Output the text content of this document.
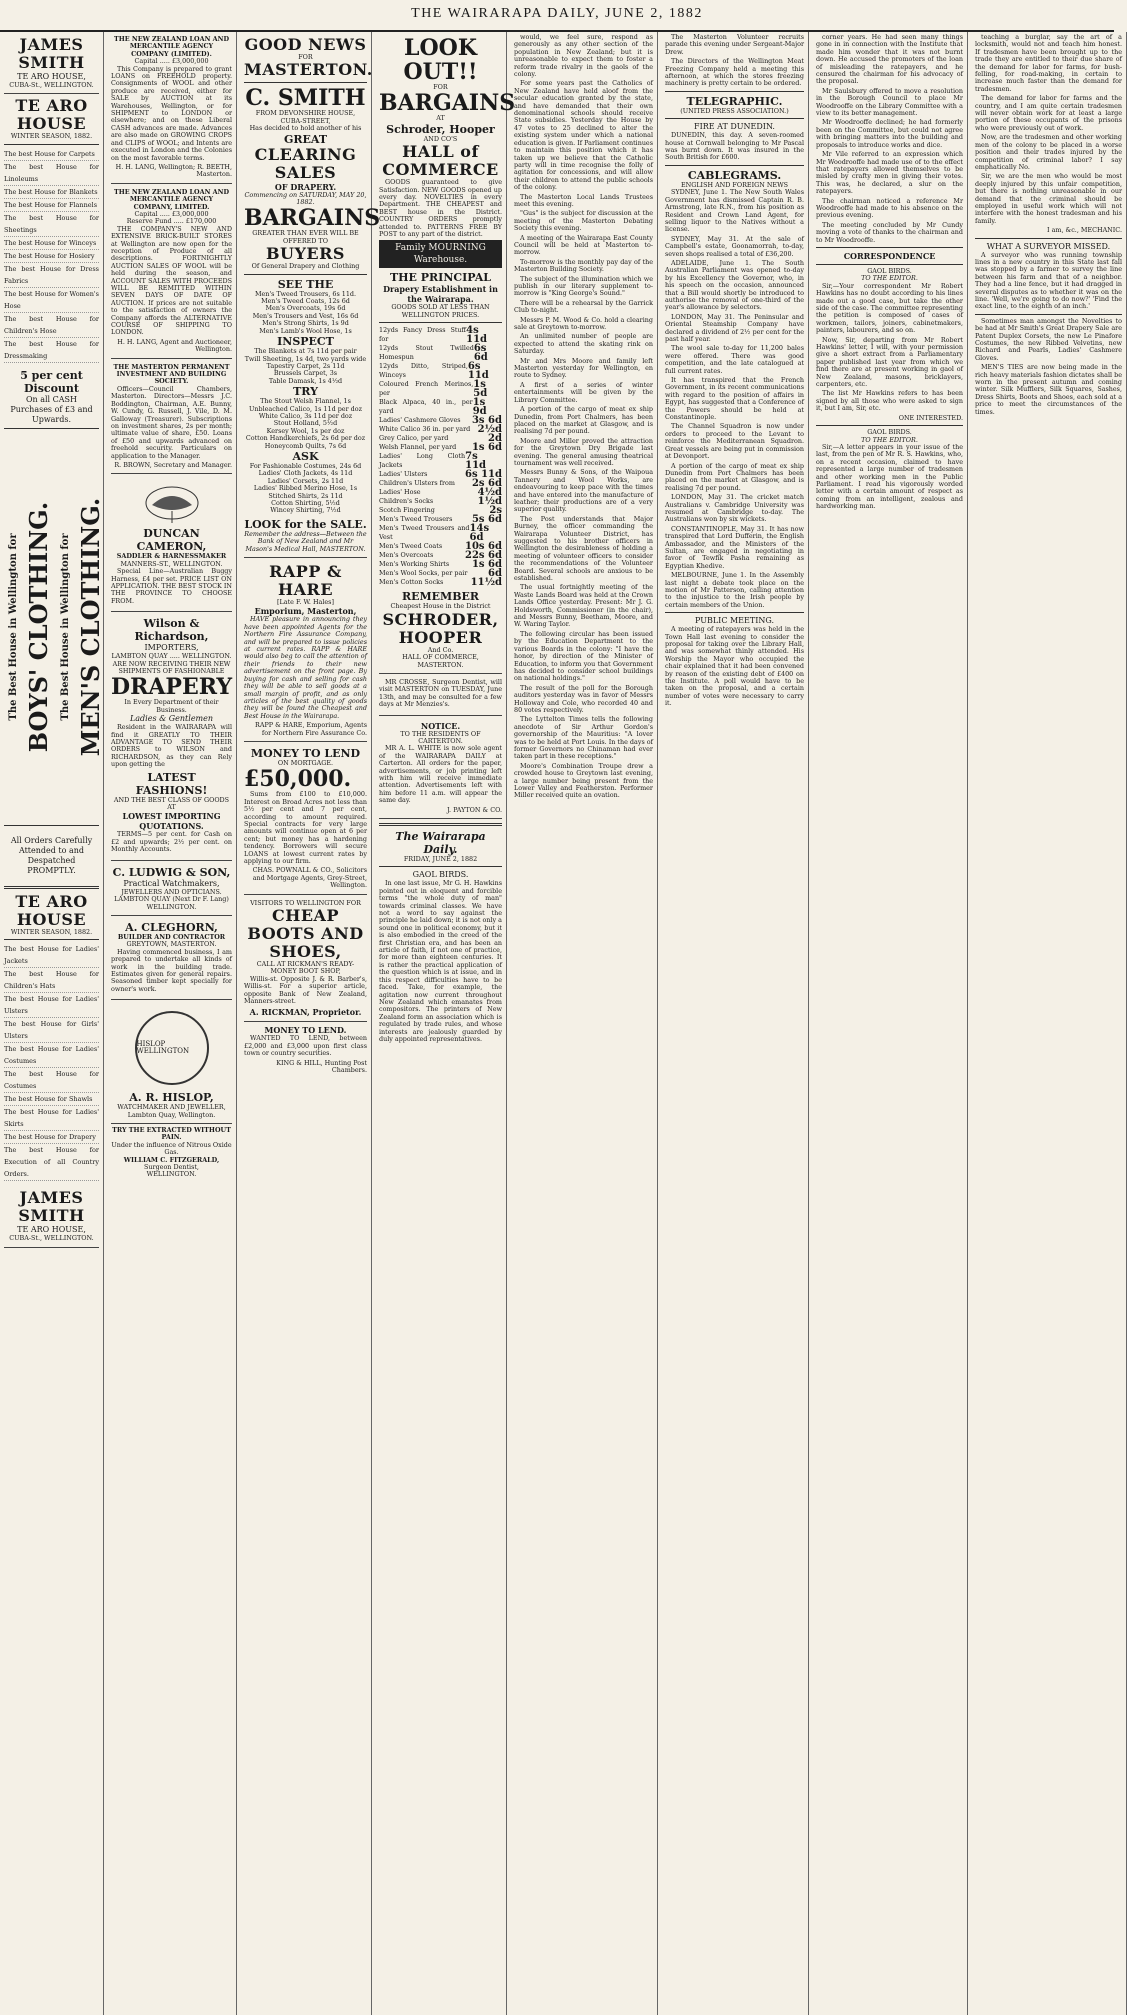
THE WAIRARAPA DAILY, JUNE 2, 1882
JAMES SMITH
TE ARO HOUSE,
CUBA-St., WELLINGTON.
TE ARO HOUSE
WINTER SEASON, 1882.
The best House for Carpets
The best House for Linoleums
The best House for Blankets
The best House for Flannels
The best House for Sheetings
The best House for Winceys
The best House for Hosiery
The best House for Dress Fabrics
The best House for Women's Hose
The best House for Children's Hose
The best House for Dressmaking
5 per cent Discount
On all CASH Purchases of £3 and Upwards.
The Best House in Wellington for BOYS' CLOTHING. The Best House in Wellington for MEN'S CLOTHING.
All Orders Carefully Attended to and Despatched PROMPTLY.
TE ARO HOUSE
WINTER SEASON, 1882.
The best House for Ladies' Jackets
The best House for Children's Hats
The best House for Ladies' Ulsters
The best House for Girls' Ulsters
The best House for Ladies' Costumes
The best House for Costumes
The best House for Shawls
The best House for Ladies' Skirts
The best House for Drapery
The best House for Execution of all Country Orders.
JAMES SMITH
TE ARO HOUSE,
CUBA-St., WELLINGTON.
THE NEW ZEALAND LOAN AND MERCANTILE AGENCY COMPANY (LIMITED).
Capital ..... £3,000,000

This Company is prepared to grant LOANS on FREEHOLD property. Consignments of WOOL and other produce are received, either for SALE by AUCTION at its Warehouses, Wellington, or for SHIPMENT to LONDON or elsewhere; and on these Liberal CASH advances are made. Advances are also made on GROWING CROPS and CLIPS of WOOL; and Intents are executed in London and the Colonies on the most favorable terms.

H. H. LANG, Wellington; R. BEETH, Masterton.
THE NEW ZEALAND LOAN AND MERCANTILE AGENCY COMPANY, LIMITED.
Capital ..... £3,000,000
Reserve Fund ..... £170,000

THE COMPANY'S NEW AND EXTENSIVE BRICK-BUILT STORES at Wellington are now open for the reception of Produce of all descriptions. FORTNIGHTLY AUCTION SALES OF WOOL will be held during the season, and ACCOUNT SALES WITH PROCEEDS WILL BE REMITTED WITHIN SEVEN DAYS OF DATE OF AUCTION. If prices are not suitable to the satisfaction of owners the Company affords the ALTERNATIVE COURSE OF SHIPPING TO LONDON.

H. H. LANG, Agent and Auctioneer, Wellington.
THE MASTERTON PERMANENT INVESTMENT AND BUILDING SOCIETY.

Officers—Council Chambers, Masterton. Directors—Messrs J.C. Boddington, Chairman, A.E. Bunny, W. Cundy, G. Russell, J. Vile, D. M. Galloway (Treasurer). Subscriptions on investment shares, 2s per month; ultimate value of share, £50. Loans of £50 and upwards advanced on freehold security. Particulars on application to the Manager.

R. BROWN, Secretary and Manager.
DUNCAN CAMERON,
SADDLER & HARNESSMAKER
MANNERS-ST., WELLINGTON.

Special Line—Australian Buggy Harness, £4 per set. PRICE LIST ON APPLICATION. THE BEST STOCK IN THE PROVINCE TO CHOOSE FROM.

Wilson & Richardson,
IMPORTERS,
LAMBTON QUAY ..... WELLINGTON.
ARE NOW RECEIVING THEIR NEW SHIPMENTS OF FASHIONABLE
DRAPERY
In Every Department of their Business.
Ladies & Gentlemen

Resident in the WAIRARAPA will find it GREATLY TO THEIR ADVANTAGE TO SEND THEIR ORDERS to WILSON and RICHARDSON, as they can Rely upon getting the

LATEST FASHIONS!
AND THE BEST CLASS OF GOODS AT
LOWEST IMPORTING QUOTATIONS.

TERMS—5 per cent. for Cash on £2 and upwards; 2½ per cent. on Monthly Accounts.

C. LUDWIG & SON,
Practical Watchmakers,
JEWELLERS AND OPTICIANS.
LAMBTON QUAY (Next Dr F. Lang) WELLINGTON.
A. CLEGHORN,
BUILDER AND CONTRACTOR
GREYTOWN, MASTERTON.

Having commenced business, I am prepared to undertake all kinds of work in the building trade. Estimates given for general repairs. Seasoned timber kept specially for owner's work.

HISLOP WELLINGTON
A. R. HISLOP,
WATCHMAKER AND JEWELLER,
Lambton Quay, Wellington.
TRY THE EXTRACTED WITHOUT PAIN.
Under the influence of Nitrous Oxide Gas.
WILLIAM C. FITZGERALD,
Surgeon Dentist,
WELLINGTON.
GOOD NEWS
FOR
MASTERTON.
C. SMITH
FROM DEVONSHIRE HOUSE, CUBA-STREET,
Has decided to hold another of his
GREAT
CLEARING SALES
OF DRAPERY.
Commencing on SATURDAY, MAY 20, 1882.
BARGAINS
GREATER THAN EVER WILL BE OFFERED TO
BUYERS
Of General Drapery and Clothing
SEE THE
Men's Tweed Trousers, 6s 11d.
Men's Tweed Coats, 12s 6d
Men's Overcoats, 19s 6d
Men's Trousers and Vest, 16s 6d
Men's Strong Shirts, 1s 9d
Men's Lamb's Wool Hose, 1s
INSPECT
The Blankets at 7s 11d per pair
Twill Sheeting, 1s 4d, two yards wide
Tapestry Carpet, 2s 11d
Brussels Carpet, 3s
Table Damask, 1s 4½d
TRY
The Stout Welsh Flannel, 1s
Unbleached Calico, 1s 11d per doz
White Calico, 3s 11d per doz
Stout Holland, 5½d
Kersey Wool, 1s per doz
Cotton Handkerchiefs, 2s 6d per doz
Honeycomb Quilts, 7s 6d
ASK
For Fashionable Costumes, 24s 6d
Ladies' Cloth Jackets, 4s 11d
Ladies' Corsets, 2s 11d
Ladies' Ribbed Merino Hose, 1s
Stitched Shirts, 2s 11d
Cotton Shirting, 5½d
Wincey Shirting, 7½d
LOOK for the SALE.
Remember the address—Between the Bank of New Zealand and Mr Mason's Medical Hall, MASTERTON.
RAPP & HARE
[Late F. W. Hales]
Emporium, Masterton,

HAVE pleasure in announcing they have been appointed Agents for the Northern Fire Assurance Company, and will be prepared to issue policies at current rates. RAPP & HARE would also beg to call the attention of their friends to their new advertisement on the front page. By buying for cash and selling for cash they will be able to sell goods at a small margin of profit, and as only articles of the best quality of goods they will be found the Cheapest and Best House in the Wairarapa.

RAPP & HARE, Emporium, Agents for Northern Fire Assurance Co.
MONEY TO LEND
ON MORTGAGE.
£50,000.

Sums from £100 to £10,000. Interest on Broad Acres not less than 5½ per cent and 7 per cent, according to amount required. Special contracts for very large amounts will continue open at 6 per cent; but money has a hardening tendency. Borrowers will secure LOANS at lowest current rates by applying to our firm.

CHAS. POWNALL & CO., Solicitors and Mortgage Agents, Grey-Street, Wellington.
VISITORS TO WELLINGTON FOR
CHEAP BOOTS AND SHOES,
CALL AT RICKMAN'S READY-MONEY BOOT SHOP,

Willis-st. Opposite J. & R. Barber's, Willis-st. For a superior article, opposite Bank of New Zealand, Manners-street.

A. RICKMAN, Proprietor.
MONEY TO LEND.

WANTED TO LEND, between £2,000 and £3,000 upon first class town or country securities.

KING & HILL, Hunting Post Chambers.
LOOK OUT!!
FOR
BARGAINS
AT
Schroder, Hooper
AND CO'S
HALL of COMMERCE

GOODS guaranteed to give Satisfaction. NEW GOODS opened up every day. NOVELTIES in every Department. THE CHEAPEST and BEST house in the District. COUNTRY ORDERS promptly attended to. PATTERNS FREE BY POST to any part of the district.

Family MOURNING Warehouse.
THE PRINCIPAL
Drapery Establishment in the Wairarapa.
GOODS SOLD AT LESS THAN WELLINGTON PRICES.
12yds Fancy Dress Stuff for
4s 11d
12yds Stout Twilled Homespun
6s 6d
12yds Ditto, Striped, Winceys
6s 11d
Coloured French Merinos, per
1s 5d
Black Alpaca, 40 in., per yard
1s 9d
Ladies' Cashmere Gloves 3s 6d
White Calico 36 in. per yard 2½d
Grey Calico, per yard	2d
Welsh Flannel, per yard 1s 6d
Ladies' Long Cloth Jackets
7s 11d
Ladies' Ulsters	6s 11d
Children's Ulsters from 2s 6d
Ladies' Hose	4½d
Children's Socks	1½d
Scotch Fingering	2s
Men's Tweed Trousers 5s 6d
Men's Tweed Trousers and Vest
14s 6d
Men's Tweed Coats 10s 6d
Men's Overcoats	22s 6d
Men's Working Shirts 1s 6d
Men's Wool Socks, per pair 6d
Men's Cotton Socks	11½d
REMEMBER
Cheapest House in the District
SCHRODER,
HOOPER
And Co.
HALL OF COMMERCE, MASTERTON.

MR CROSSE, Surgeon Dentist, will visit MASTERTON on TUESDAY, June 13th, and may be consulted for a few days at Mr Menzies's.

NOTICE.
TO THE RESIDENTS OF CARTERTON.

MR A. L. WHITE is now sole agent of the WAIRARAPA DAILY at Carterton. All orders for the paper, advertisements, or job printing left with him will receive immediate attention. Advertisements left with him before 11 a.m. will appear the same day.

J. PAYTON & CO.
The Wairarapa Daily.
FRIDAY, JUNE 2, 1882
GAOL BIRDS.

In one last issue, Mr G. H. Hawkins pointed out in eloquent and forcible terms "the whole duty of man" towards criminal classes. We have not a word to say against the principle he laid down; it is not only a sound one in political economy, but it is also embodied in the creed of the first Christian era, and has been an article of faith, if not one of practice, for more than eighteen centuries. It is rather the practical application of the question which is at issue, and in this respect difficulties have to be faced. Take, for example, the agitation now current throughout New Zealand which emanates from compositors. The printers of New Zealand form an association which is regulated by trade rules, and whose interests are jealously guarded by duly appointed representatives.

would, we feel sure, respond as generously as any other section of the population in New Zealand; but it is unreasonable to expect them to foster a reform trade rivalry in the gaols of the colony.

For some years past the Catholics of New Zealand have held aloof from the secular education granted by the state, and have demanded that their own denominational schools should receive State subsidies. Yesterday the House by 47 votes to 25 declined to alter the existing system under which a national education is given. If Parliament continues to maintain this position which it has taken up we believe that the Catholic party will in time recognise the folly of agitation for concessions, and will allow their children to attend the public schools of the colony.

The Masterton Local Lands Trustees meet this evening.

"Gus" is the subject for discussion at the meeting of the Masterton Debating Society this evening.

A meeting of the Wairarapa East County Council will be held at Masterton to-morrow.

To-morrow is the monthly pay day of the Masterton Building Society.

The subject of the illumination which we publish in our literary supplement to-morrow is "King George's Sound."

There will be a rehearsal by the Garrick Club to-night.

Messrs P. M. Wood & Co. hold a clearing sale at Greytown to-morrow.

An unlimited number of people are expected to attend the skating rink on Saturday.

Mr and Mrs Moore and family left Masterton yesterday for Wellington, en route to Sydney.

A first of a series of winter entertainments will be given by the Library Committee.

A portion of the cargo of meat ex ship Dunedin, from Port Chalmers, has been placed on the market at Glasgow, and is realising 7d per pound.

Moore and Miller proved the attraction for the Greytown Dry Brigade last evening. The general amusing theatrical tournament was well received.

Messrs Bunny & Sons, of the Waipoua Tannery and Wool Works, are endeavouring to keep pace with the times and have entered into the manufacture of leather; their productions are of a very superior quality.

The Post understands that Major Burney, the officer commanding the Wairarapa Volunteer District, has suggested to his brother officers in Wellington the desirableness of holding a meeting of volunteer officers to consider the recommendations of the Volunteer Board. Several schools are anxious to be established.

The usual fortnightly meeting of the Waste Lands Board was held at the Crown Lands Office yesterday. Present: Mr J. G. Holdsworth, Commissioner (in the chair), and Messrs Bunny, Beetham, Moore, and W. Waring Taylor.

The following circular has been issued by the Education Department to the various Boards in the colony: "I have the honor, by direction of the Minister of Education, to inform you that Government has decided to consider school buildings on national holdings."

The result of the poll for the Borough auditors yesterday was in favor of Messrs Holloway and Cole, who recorded 40 and 80 votes respectively.

The Lyttelton Times tells the following anecdote of Sir Arthur Gordon's governorship of the Mauritius: "A lover was to be held at Port Louis. In the days of former Governors no Chinaman had ever taken part in these receptions."

Moore's Combination Troupe drew a crowded house to Greytown last evening, a large number being present from the Lower Valley and Featherston. Performer Miller received quite an ovation.

The Masterton Volunteer recruits parade this evening under Sergeant-Major Drew.

The Directors of the Wellington Meat Freezing Company held a meeting this afternoon, at which the stores freezing machinery is pretty certain to be ordered.

TELEGRAPHIC.
(UNITED PRESS ASSOCIATION.)
FIRE AT DUNEDIN.

DUNEDIN, this day. A seven-roomed house at Cornwall belonging to Mr Pascal was burnt down. It was insured in the South British for £600.

CABLEGRAMS.
ENGLISH AND FOREIGN NEWS

SYDNEY, June 1. The New South Wales Government has dismissed Captain R. B. Armstrong, late R.N., from his position as Resident and Crown Land Agent, for selling liquor to the Natives without a license.

SYDNEY, May 31. At the sale of Campbell's estate, Goonamorrah, to-day, seven shops realised a total of £36,200.

ADELAIDE, June 1. The South Australian Parliament was opened to-day by his Excellency the Governor, who, in his speech on the occasion, announced that a Bill would shortly be introduced to authorise the removal of one-third of the year's allowance by selectors.

LONDON, May 31. The Peninsular and Oriental Steamship Company have declared a dividend of 2½ per cent for the past half year.

The wool sale to-day for 11,200 bales were offered. There was good competition, and the late catalogued at full current rates.

It has transpired that the French Government, in its recent communications with regard to the position of affairs in Egypt, has suggested that a Conference of the Powers should be held at Constantinople.

The Channel Squadron is now under orders to proceed to the Levant to reinforce the Mediterranean Squadron. Great vessels are being put in commission at Devonport.

A portion of the cargo of meat ex ship Dunedin from Port Chalmers has been placed on the market at Glasgow, and is realising 7d per pound.

LONDON, May 31. The cricket match Australians v. Cambridge University was resumed at Cambridge to-day. The Australians won by six wickets.

CONSTANTINOPLE, May 31. It has now transpired that Lord Dufferin, the English Ambassador, and the Ministers of the Sultan, are engaged in negotiating in favor of Tewfik Pasha remaining as Egyptian Khedive.

MELBOURNE, June 1. In the Assembly last night a debate took place on the motion of Mr Patterson, calling attention to the injustice to the Irish people by certain members of the Union.

PUBLIC MEETING.

A meeting of ratepayers was held in the Town Hall last evening to consider the proposal for taking over the Library Hall, and was somewhat thinly attended. His Worship the Mayor who occupied the chair explained that it had been convened by reason of the existing debt of £400 on the Institute. A poll would have to be taken on the proposal, and a certain number of votes were necessary to carry it.

corner years. He had seen many things gone in in connection with the Institute that made him wonder that it was not burnt down. He accused the promoters of the loan of misleading the ratepayers, and he censured the chairman for his advocacy of the proposal.

Mr Saulsbury offered to move a resolution in the Borough Council to place Mr Woodrooffe on the Library Committee with a view to its better management.

Mr Woodrooffe declined; he had formerly been on the Committee, but could not agree with bringing matters into the building and proposals to introduce works and dice.

Mr Vile referred to an expression which Mr Woodrooffe had made use of to the effect that ratepayers allowed themselves to be misled by crafty men in giving their votes. This was, he declared, a slur on the ratepayers.

The chairman noticed a reference Mr Woodrooffe had made to his absence on the previous evening.

The meeting concluded by Mr Cundy moving a vote of thanks to the chairman and to Mr Woodrooffe.

CORRESPONDENCE
GAOL BIRDS.
TO THE EDITOR.

Sir,—Your correspondent Mr Robert Hawkins has no doubt according to his lines made out a good case, but take the other side of the case. The committee representing the petition is composed of cases of workmen, tailors, joiners, cabinetmakers, painters, labourers, and so on.

Now, Sir, departing from Mr Robert Hawkins' letter, I will, with your permission give a short extract from a Parliamentary paper published last year from which we find there are at present working in gaol of New Zealand, masons, bricklayers, carpenters, etc.

The list Mr Hawkins refers to has been signed by all those who were asked to sign it, but I am, Sir, etc.

ONE INTERESTED.
GAOL BIRDS.
TO THE EDITOR.

Sir,—A letter appears in your issue of the last, from the pen of Mr R. S. Hawkins, who, on a recent occasion, claimed to have represented a large number of tradesmen and other working men in the Public Parliament. I read his vigorously worded letter with a certain amount of respect as coming from an intelligent, zealous and hardworking man.

teaching a burglar, say the art of a locksmith, would not and teach him honest. If tradesmen have been brought up to the trade they are entitled to their due share of the demand for labor for farms, for bush-felling, for road-making, in certain to increase much faster than the demand for tradesmen.

The demand for labor for farms and the country, and I am quite certain tradesmen will never obtain work for at least a large portion of these occupants of the prisons who were previously out of work.

Now, are the tradesmen and other working men of the colony to be placed in a worse position and their trades injured by the competition of criminal labor? I say emphatically No.

Sir, we are the men who would be most deeply injured by this unfair competition, but there is nothing unreasonable in our demand that the criminal should be employed in useful work which will not interfere with the honest tradesman and his family.

I am, &c., MECHANIC.
WHAT A SURVEYOR MISSED.

A surveyor who was running township lines in a new country in this State last fall was stopped by a farmer to survey the line between his farm and that of a neighbor. They had a line fence, but it had dragged in several disputes as to whether it was on the line. 'Well, we're going to do now?' 'Find the exact line, to the eighth of an inch.'

Sometimes man amongst the Novelties to be had at Mr Smith's Great Drapery Sale are Patent Duplex Corsets, the new Le Pinafore Costumes, the new Ribbed Velvetins, new Richard and Pearls, Ladies' Cashmere Gloves.

MEN'S TIES are now being made in the rich heavy materials fashion dictates shall be worn in the present autumn and coming winter. Silk Mufflers, Silk Squares, Sashes, Dress Shirts, Boots and Shoes, each sold at a price to meet the circumstances of the times.
